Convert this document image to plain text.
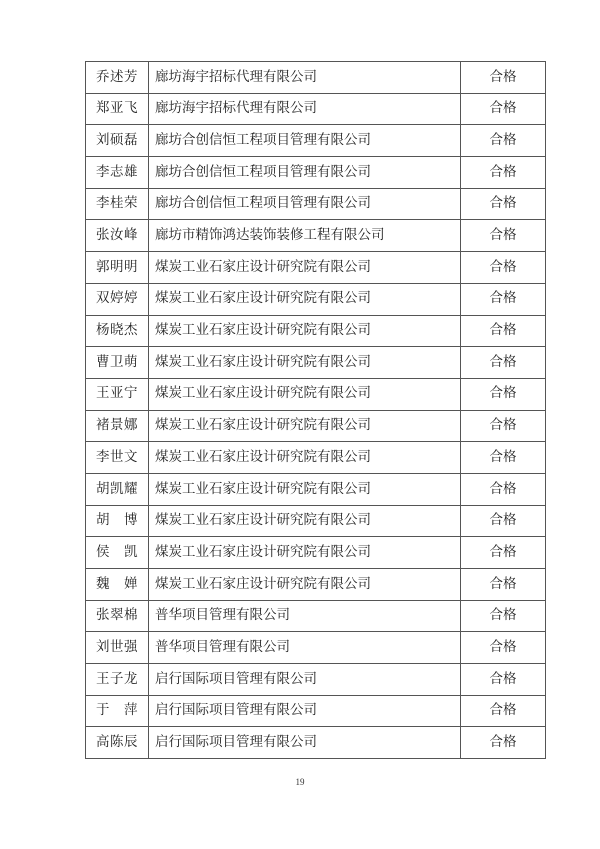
乔述芳	廊坊海宇招标代理有限公司	合格
郑亚飞	廊坊海宇招标代理有限公司	合格
刘硕磊	廊坊合创信恒工程项目管理有限公司	合格
李志雄	廊坊合创信恒工程项目管理有限公司	合格
李桂荣	廊坊合创信恒工程项目管理有限公司	合格
张汝峰	廊坊市精饰鸿达装饰装修工程有限公司	合格
郭明明	煤炭工业石家庄设计研究院有限公司	合格
双婷婷	煤炭工业石家庄设计研究院有限公司	合格
杨晓杰	煤炭工业石家庄设计研究院有限公司	合格
曹卫萌	煤炭工业石家庄设计研究院有限公司	合格
王亚宁	煤炭工业石家庄设计研究院有限公司	合格
褚景娜	煤炭工业石家庄设计研究院有限公司	合格
李世文	煤炭工业石家庄设计研究院有限公司	合格
胡凯耀	煤炭工业石家庄设计研究院有限公司	合格
胡　博	煤炭工业石家庄设计研究院有限公司	合格
侯　凯	煤炭工业石家庄设计研究院有限公司	合格
魏　婵	煤炭工业石家庄设计研究院有限公司	合格
张翠棉	普华项目管理有限公司	合格
刘世强	普华项目管理有限公司	合格
王子龙	启行国际项目管理有限公司	合格
于　萍	启行国际项目管理有限公司	合格
高陈辰	启行国际项目管理有限公司	合格
19
